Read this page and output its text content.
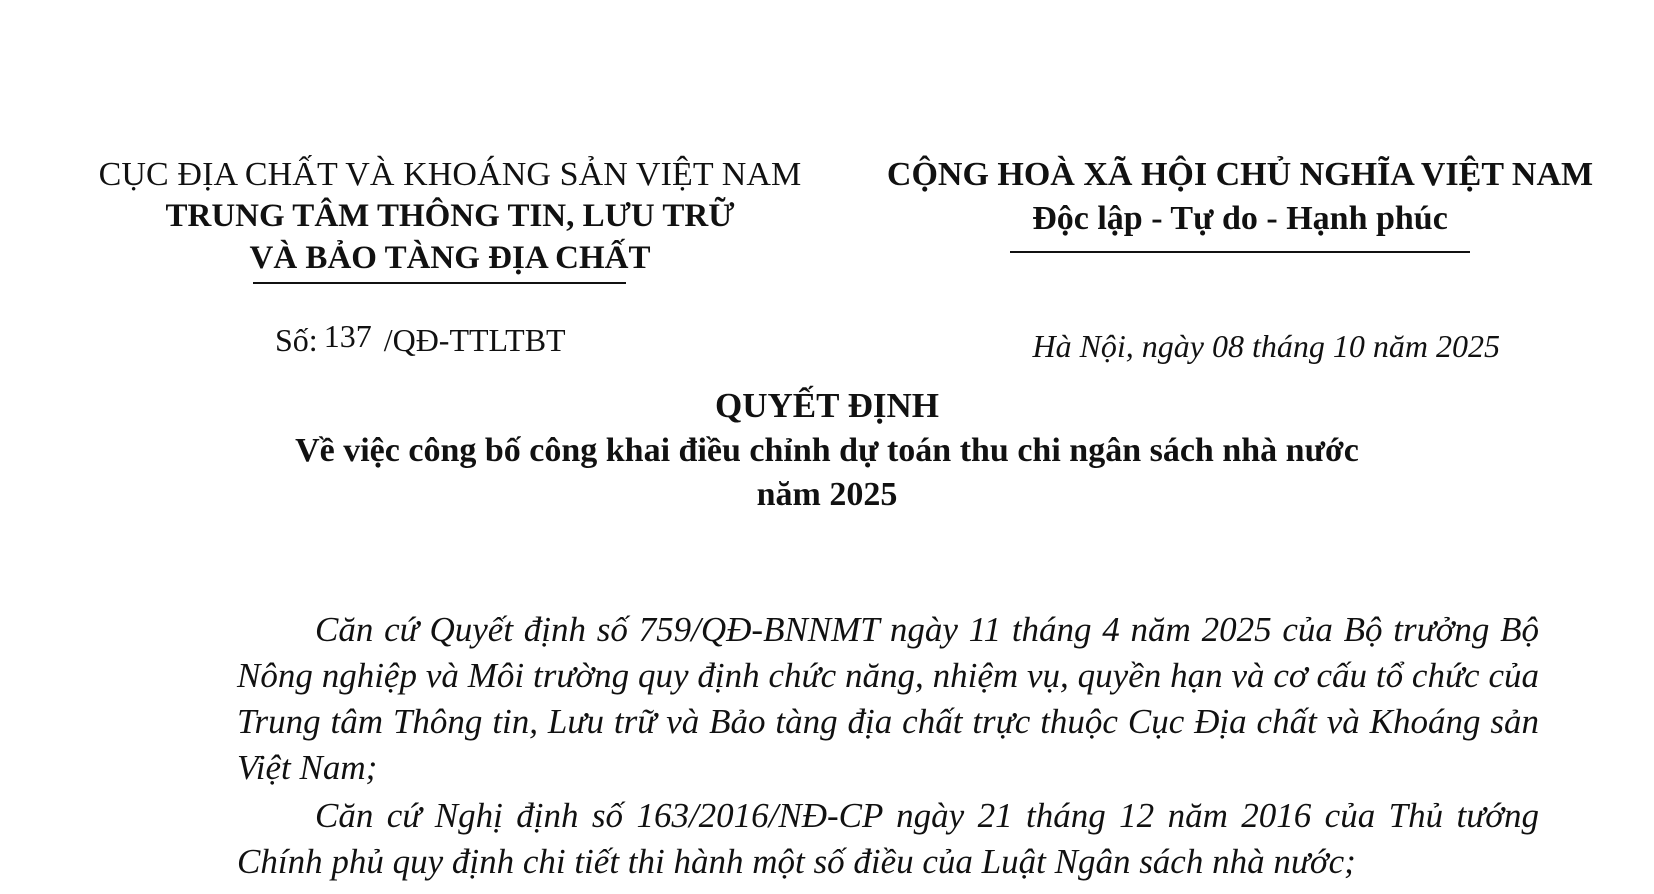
CỤC ĐỊA CHẤT VÀ KHOÁNG SẢN VIỆT NAM
TRUNG TÂM THÔNG TIN, LƯU TRỮ
VÀ BẢO TÀNG ĐỊA CHẤT
CỘNG HOÀ XÃ HỘI CHỦ NGHĨA VIỆT NAM
Độc lập - Tự do - Hạnh phúc
Số: 137 /QĐ-TTLTBT	Hà Nội, ngày 08 tháng 10 năm 2025
QUYẾT ĐỊNH
Về việc công bố công khai điều chỉnh dự toán thu chi ngân sách nhà nước
năm 2025

Căn cứ Quyết định số 759/QĐ-BNNMT ngày 11 tháng 4 năm 2025 của Bộ trưởng Bộ Nông nghiệp và Môi trường quy định chức năng, nhiệm vụ, quyền hạn và cơ cấu tổ chức của Trung tâm Thông tin, Lưu trữ và Bảo tàng địa chất trực thuộc Cục Địa chất và Khoáng sản Việt Nam;

Căn cứ Nghị định số 163/2016/NĐ-CP ngày 21 tháng 12 năm 2016 của Thủ tướng Chính phủ quy định chi tiết thi hành một số điều của Luật Ngân sách nhà nước;
